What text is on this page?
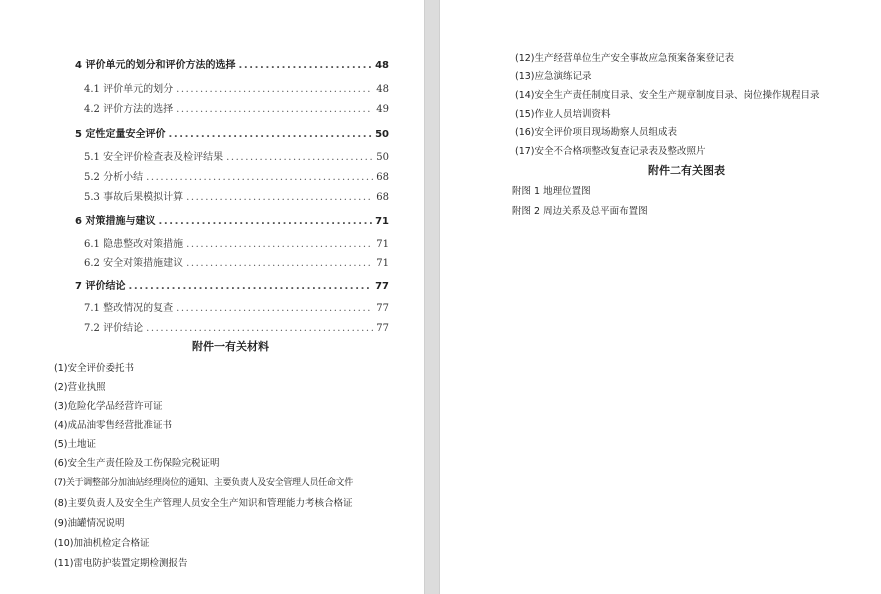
4 评价单元的划分和评价方法的选择 .....	48
4.1 评价单元的划分 .....	48
4.2 评价方法的选择 .....	49
5 定性定量安全评价 .....	50
5.1 安全评价检查表及检评结果 .....	50
5.2 分析小结 .....	68
5.3 事故后果模拟计算 .....	68
6 对策措施与建议 .....	71
6.1 隐患整改对策措施 .....	71
6.2 安全对策措施建议 .....	71
7 评价结论 .....	77
7.1 整改情况的复查 .....	77
7.2 评价结论 .....	77
附件一有关材料
(1)安全评价委托书
(2)营业执照
(3)危险化学品经营许可证
(4)成品油零售经营批准证书
(5)土地证
(6)安全生产责任险及工伤保险完税证明
(7)关于调整部分加油站经理岗位的通知、主要负责人及安全管理人员任命文件
(8)主要负责人及安全生产管理人员安全生产知识和管理能力考核合格证
(9)油罐情况说明
(10)加油机检定合格证
(11)雷电防护装置定期检测报告
(12)生产经营单位生产安全事故应急预案备案登记表
(13)应急演练记录
(14)安全生产责任制度目录、安全生产规章制度目录、岗位操作规程目录
(15)作业人员培训资料
(16)安全评价项目现场勘察人员组成表
(17)安全不合格项整改复查记录表及整改照片
附件二有关图表
附图 1 地理位置图
附图 2 周边关系及总平面布置图
